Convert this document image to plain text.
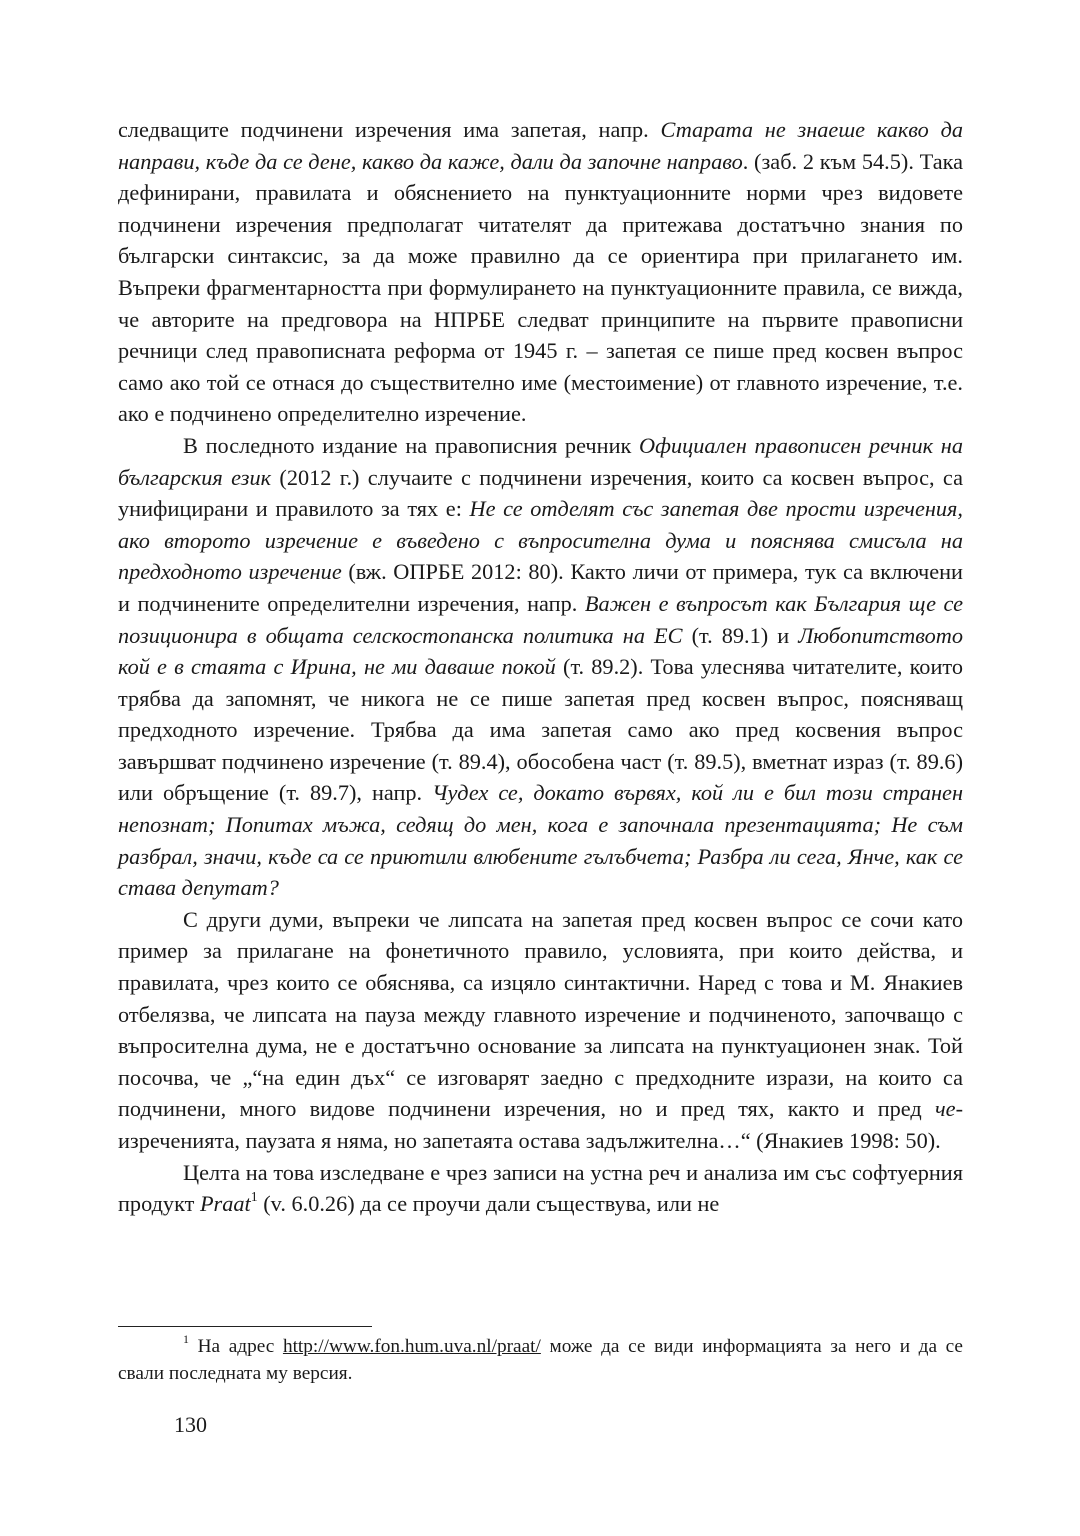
следващите подчинени изречения има запетая, напр. Старата не знаеше какво да направи, къде да се дене, какво да каже, дали да започне направо. (заб. 2 към 54.5). Така дефинирани, правилата и обяснението на пунктуационните норми чрез видовете подчинени изречения предполагат читателят да притежава достатъчно знания по български синтаксис, за да може правилно да се ориентира при прилагането им. Въпреки фрагментарността при формулирането на пунктуационните правила, се вижда, че авторите на предговора на НПРБЕ следват принципите на първите правописни речници след правописната реформа от 1945 г. – запетая се пише пред косвен въпрос само ако той се отнася до съществително име (местоимение) от главното изречение, т.е. ако е подчинено определително изречение.

В последното издание на правописния речник Официален правописен речник на българския език (2012 г.) случаите с подчинени изречения, които са косвен въпрос, са унифицирани и правилото за тях е: Не се отделят със запетая две прости изречения, ако второто изречение е въведено с въпросителна дума и пояснява смисъла на предходното изречение (вж. ОПРБЕ 2012: 80). Както личи от примера, тук са включени и подчинените определителни изречения, напр. Важен е въпросът как България ще се позиционира в общата селскостопанска политика на ЕС (т. 89.1) и Любопитството кой е в стаята с Ирина, не ми даваше покой (т. 89.2). Това улеснява читателите, които трябва да запомнят, че никога не се пише запетая пред косвен въпрос, поясняващ предходното изречение. Трябва да има запетая само ако пред косвения въпрос завършват подчинено изречение (т. 89.4), обособена част (т. 89.5), вметнат израз (т. 89.6) или обръщение (т. 89.7), напр. Чудех се, докато вървях, кой ли е бил този странен непознат; Попитах мъжа, седящ до мен, кога е започнала презентацията; Не съм разбрал, значи, къде са се приютили влюбените гълъбчета; Разбра ли сега, Янче, как се става депутат?

С други думи, въпреки че липсата на запетая пред косвен въпрос се сочи като пример за прилагане на фонетичното правило, условията, при които действа, и правилата, чрез които се обяснява, са изцяло синтактични. Наред с това и М. Янакиев отбелязва, че липсата на пауза между главното изречение и подчиненото, започващо с въпросителна дума, не е достатъчно основание за липсата на пунктуационен знак. Той посочва, че „“на един дъх“ се изговарят заедно с предходните изрази, на които са подчинени, много видове подчинени изречения, но и пред тях, както и пред че-изреченията, паузата я няма, но запетаята остава задължителна…“ (Янакиев 1998: 50).

Целта на това изследване е чрез записи на устна реч и анализа им със софтуерния продукт Praat$^1$ (v. 6.0.26) да се проучи дали съществува, или не

$^1$ На адрес http://www.fon.hum.uva.nl/praat/ може да се види информацията за него и да се свали последната му версия.

130
